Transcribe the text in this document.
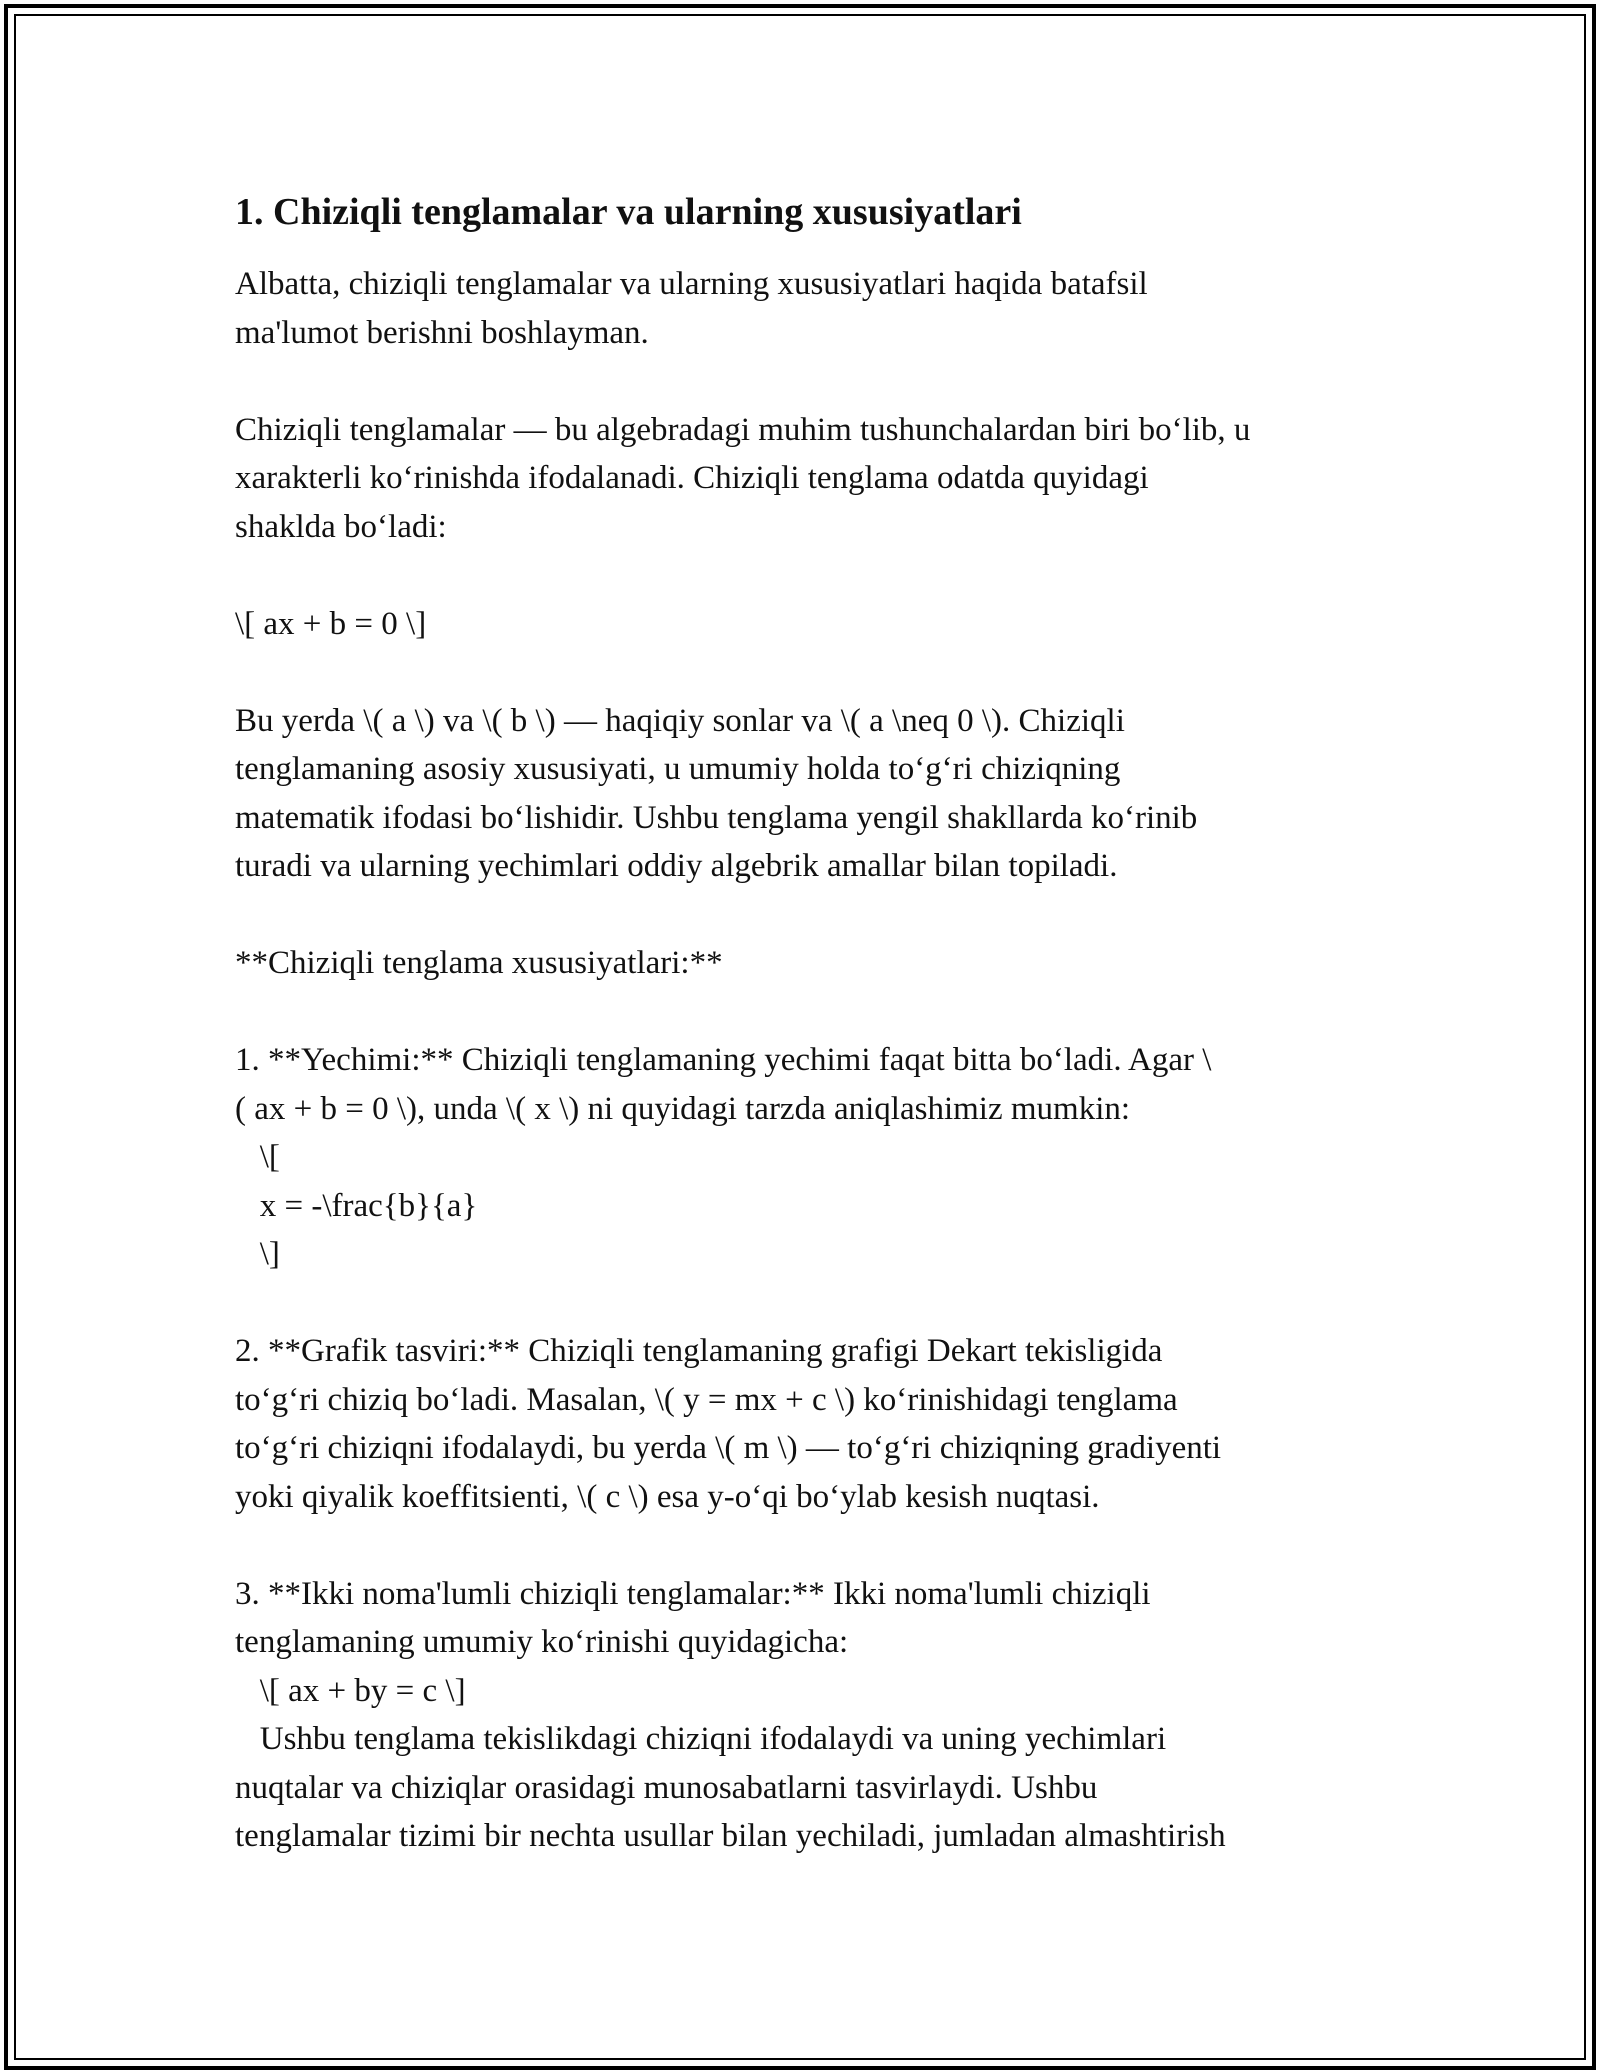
1. Chiziqli tenglamalar va ularning xususiyatlari

Albatta, chiziqli tenglamalar va ularning xususiyatlari haqida batafsil
ma'lumot berishni boshlayman.

Chiziqli tenglamalar — bu algebradagi muhim tushunchalardan biri bo‘lib, u
xarakterli ko‘rinishda ifodalanadi. Chiziqli tenglama odatda quyidagi
shaklda bo‘ladi:

\[ ax + b = 0 \]

Bu yerda \( a \) va \( b \) — haqiqiy sonlar va \( a \neq 0 \). Chiziqli
tenglamaning asosiy xususiyati, u umumiy holda to‘g‘ri chiziqning
matematik ifodasi bo‘lishidir. Ushbu tenglama yengil shakllarda ko‘rinib
turadi va ularning yechimlari oddiy algebrik amallar bilan topiladi.

**Chiziqli tenglama xususiyatlari:**

1. **Yechimi:** Chiziqli tenglamaning yechimi faqat bitta bo‘ladi. Agar \
( ax + b = 0 \), unda \( x \) ni quyidagi tarzda aniqlashimiz mumkin:
\[
x = -\frac{b}{a}
\]

2. **Grafik tasviri:** Chiziqli tenglamaning grafigi Dekart tekisligida
to‘g‘ri chiziq bo‘ladi. Masalan, \( y = mx + c \) ko‘rinishidagi tenglama
to‘g‘ri chiziqni ifodalaydi, bu yerda \( m \) — to‘g‘ri chiziqning gradiyenti
yoki qiyalik koeffitsienti, \( c \) esa y-o‘qi bo‘ylab kesish nuqtasi.

3. **Ikki noma'lumli chiziqli tenglamalar:** Ikki noma'lumli chiziqli
tenglamaning umumiy ko‘rinishi quyidagicha:
\[ ax + by = c \]
Ushbu tenglama tekislikdagi chiziqni ifodalaydi va uning yechimlari
nuqtalar va chiziqlar orasidagi munosabatlarni tasvirlaydi. Ushbu
tenglamalar tizimi bir nechta usullar bilan yechiladi, jumladan almashtirish
